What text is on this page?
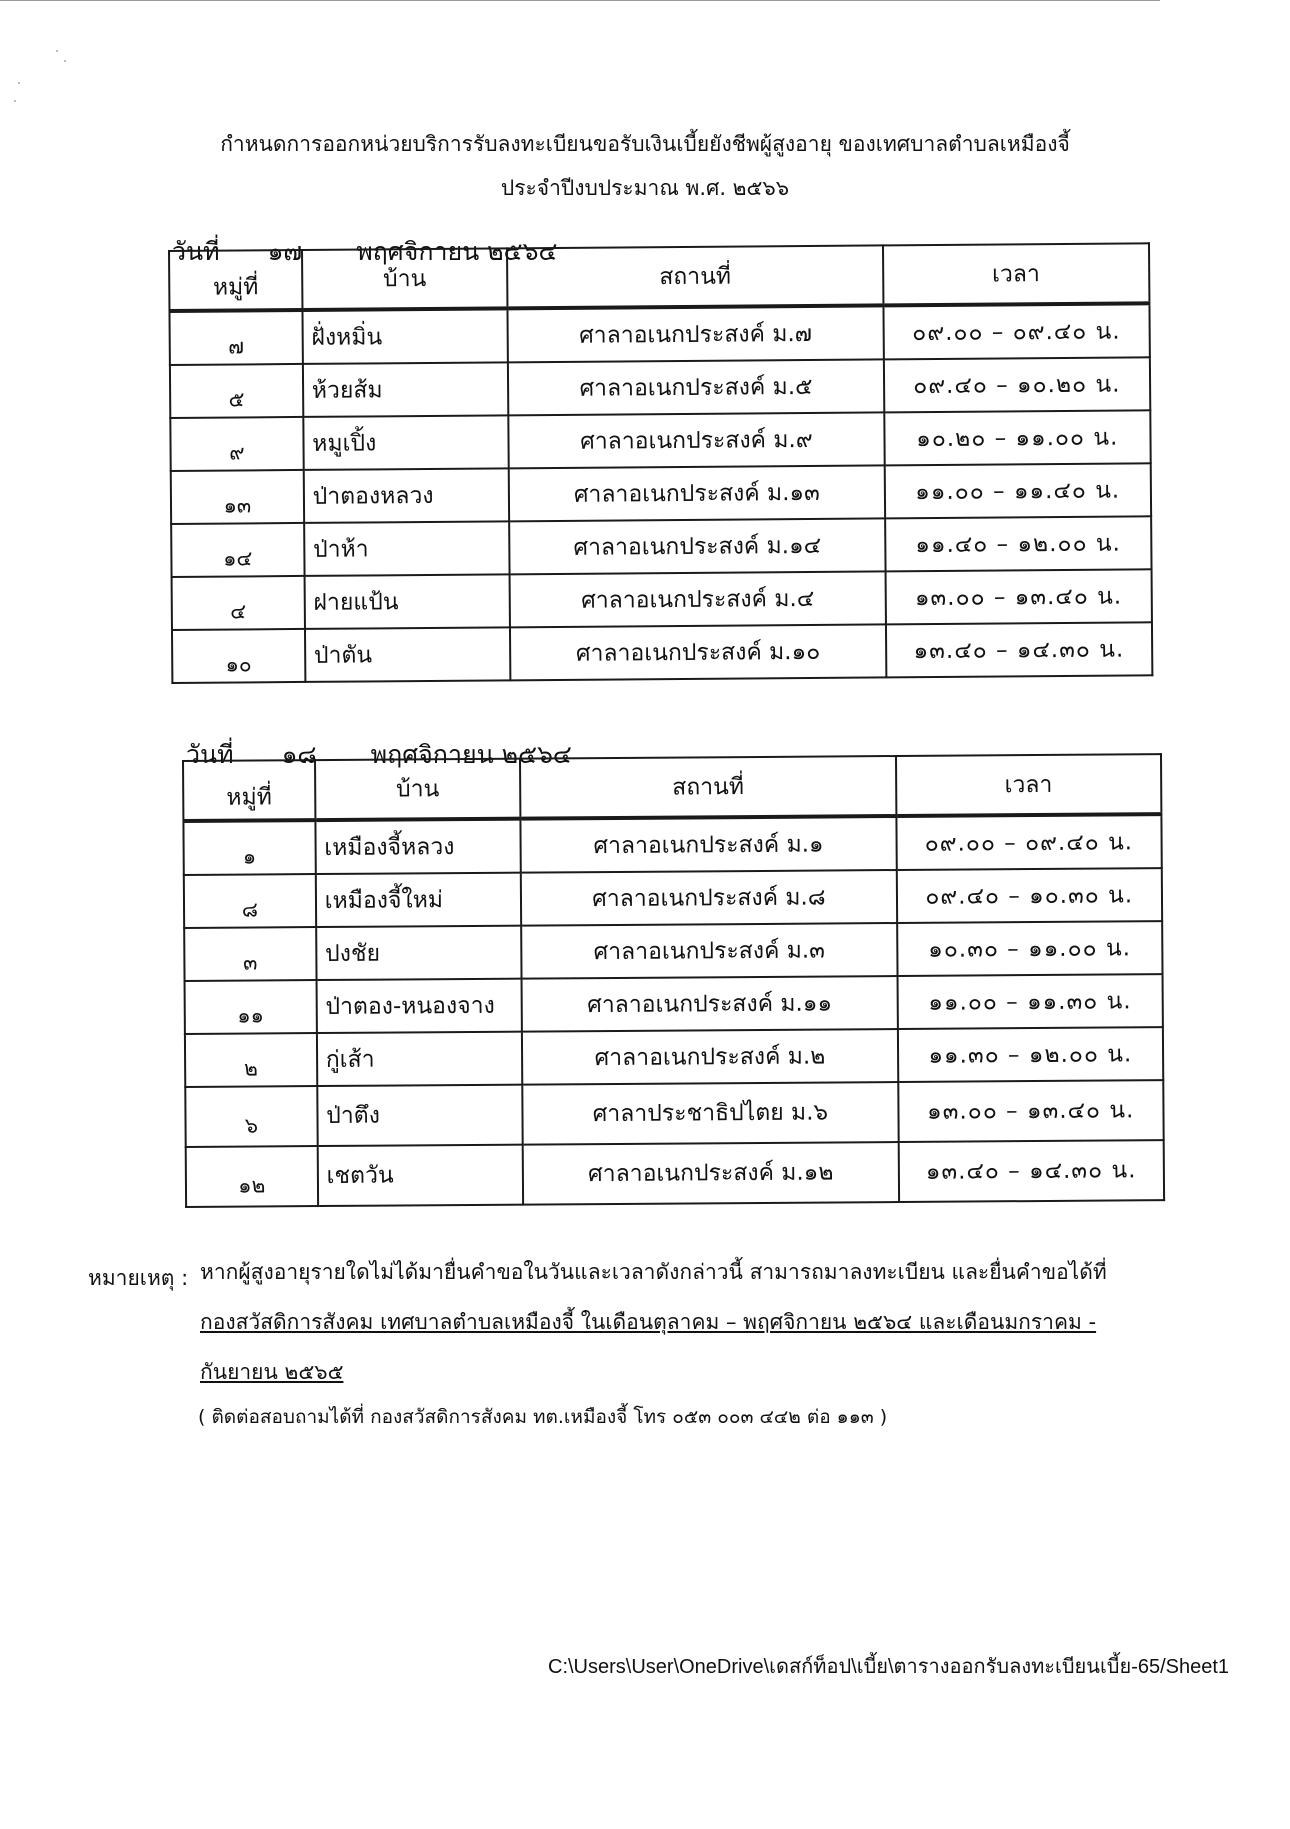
กำหนดการออกหน่วยบริการรับลงทะเบียนขอรับเงินเบี้ยยังชีพผู้สูงอายุ ของเทศบาลตำบลเหมืองจี้
ประจำปีงบประมาณ พ.ศ. ๒๕๖๖
วันที่ ๑๗ พฤศจิกายน ๒๕๖๔
หมู่ที่	บ้าน	สถานที่	เวลา
๗	ฝั่งหมิ่น	ศาลาอเนกประสงค์ ม.๗	๐๙.๐๐ – ๐๙.๔๐ น.
๕	ห้วยส้ม	ศาลาอเนกประสงค์ ม.๕	๐๙.๔๐ – ๑๐.๒๐ น.
๙	หมูเปิ้ง	ศาลาอเนกประสงค์ ม.๙	๑๐.๒๐ – ๑๑.๐๐ น.
๑๓	ป่าตองหลวง	ศาลาอเนกประสงค์ ม.๑๓	๑๑.๐๐ – ๑๑.๔๐ น.
๑๔	ป่าห้า	ศาลาอเนกประสงค์ ม.๑๔	๑๑.๔๐ – ๑๒.๐๐ น.
๔	ฝายแป้น	ศาลาอเนกประสงค์ ม.๔	๑๓.๐๐ – ๑๓.๔๐ น.
๑๐	ป่าตัน	ศาลาอเนกประสงค์ ม.๑๐	๑๓.๔๐ – ๑๔.๓๐ น.
วันที่ ๑๘ พฤศจิกายน ๒๕๖๔
หมู่ที่	บ้าน	สถานที่	เวลา
๑	เหมืองจี้หลวง	ศาลาอเนกประสงค์ ม.๑	๐๙.๐๐ – ๐๙.๔๐ น.
๘	เหมืองจี้ใหม่	ศาลาอเนกประสงค์ ม.๘	๐๙.๔๐ – ๑๐.๓๐ น.
๓	ปงชัย	ศาลาอเนกประสงค์ ม.๓	๑๐.๓๐ – ๑๑.๐๐ น.
๑๑	ป่าตอง-หนองจาง	ศาลาอเนกประสงค์ ม.๑๑	๑๑.๐๐ – ๑๑.๓๐ น.
๒	กู่เส้า	ศาลาอเนกประสงค์ ม.๒	๑๑.๓๐ – ๑๒.๐๐ น.
๖	ป่าตึง	ศาลาประชาธิปไตย ม.๖	๑๓.๐๐ – ๑๓.๔๐ น.
๑๒	เชตวัน	ศาลาอเนกประสงค์ ม.๑๒	๑๓.๔๐ – ๑๔.๓๐ น.
หมายเหตุ : หากผู้สูงอายุรายใดไม่ได้มายื่นคำขอในวันและเวลาดังกล่าวนี้ สามารถมาลงทะเบียน และยื่นคำขอได้ที่
กองสวัสดิการสังคม เทศบาลตำบลเหมืองจี้ ในเดือนตุลาคม – พฤศจิกายน ๒๕๖๔ และเดือนมกราคม -
กันยายน ๒๕๖๕
( ติดต่อสอบถามได้ที่ กองสวัสดิการสังคม ทต.เหมืองจี้ โทร ๐๕๓ ๐๐๓ ๔๔๒ ต่อ ๑๑๓ )
C:\Users\User\OneDrive\เดสก์ท็อป\เบี้ย\ตารางออกรับลงทะเบียนเบี้ย-65/Sheet1
